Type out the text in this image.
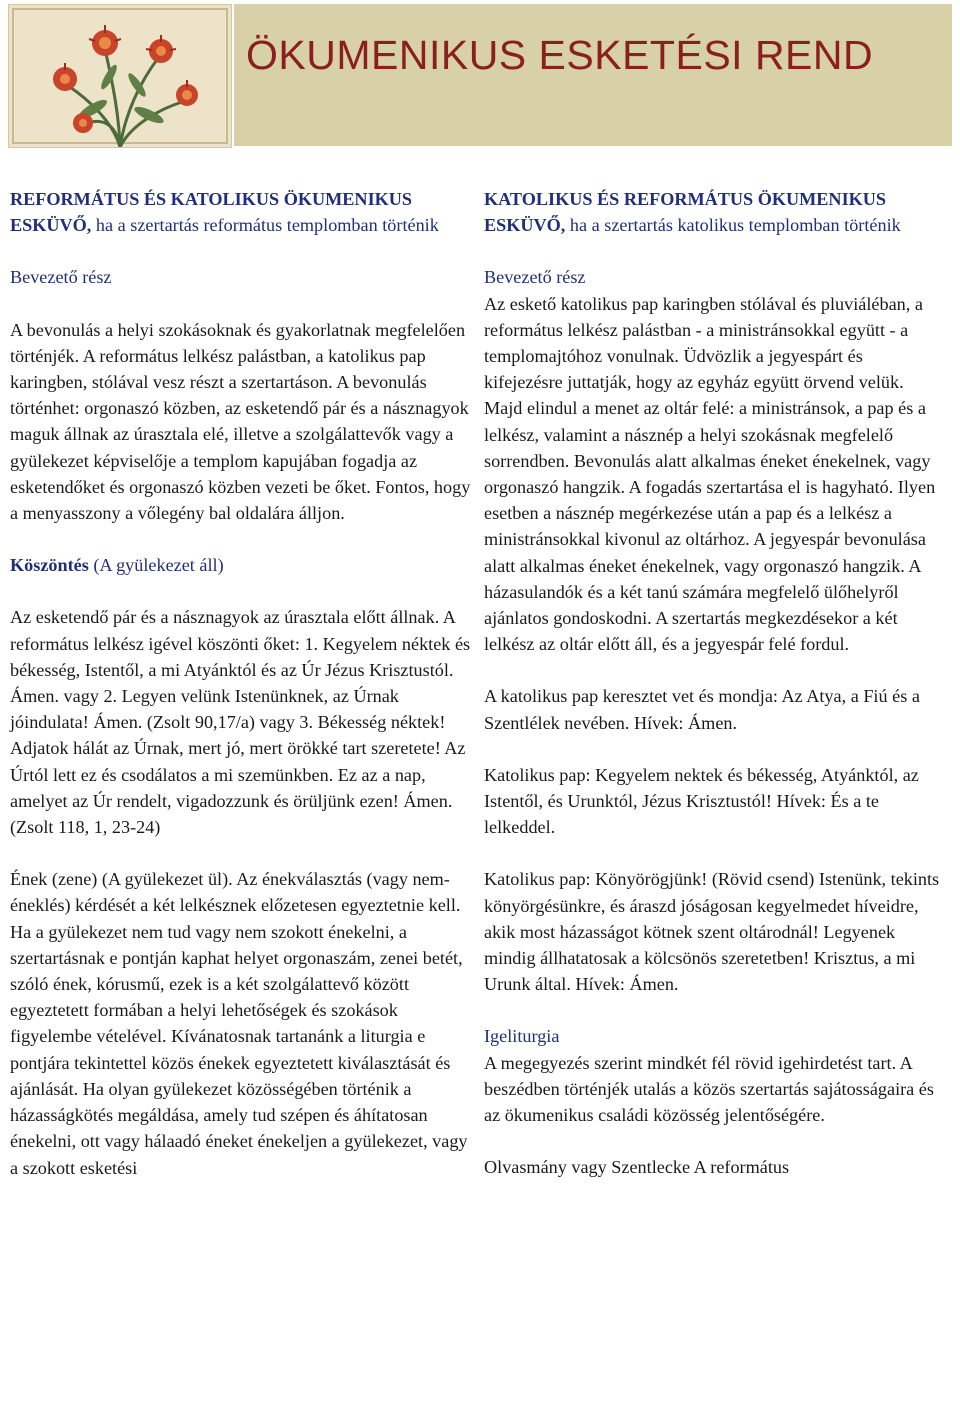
ÖKUMENIKUS ESKETÉSI REND
REFORMÁTUS ÉS KATOLIKUS ÖKUMENIKUS ESKÜVŐ, ha a szertartás református templomban történik
Bevezető rész

A bevonulás a helyi szokásoknak és gyakorlatnak megfelelően történjék. A református lelkész palástban, a katolikus pap karingben, stólával vesz részt a szertartáson. A bevonulás történhet: orgonaszó közben, az esketendő pár és a násznagyok maguk állnak az úrasztala elé, illetve a szolgálattevők vagy a gyülekezet képviselője a templom kapujában fogadja az esketendőket és orgonaszó közben vezeti be őket. Fontos, hogy a menyasszony a vőlegény bal oldalára álljon.

Köszöntés (A gyülekezet áll)

Az esketendő pár és a násznagyok az úrasztala előtt állnak. A református lelkész igével köszönti őket: 1. Kegyelem néktek és békesség, Istentől, a mi Atyánktól és az Úr Jézus Krisztustól. Ámen. vagy 2. Legyen velünk Istenünknek, az Úrnak jóindulata! Ámen. (Zsolt 90,17/a) vagy 3. Békesség néktek! Adjatok hálát az Úrnak, mert jó, mert örökké tart szeretete! Az Úrtól lett ez és csodálatos a mi szemünkben. Ez az a nap, amelyet az Úr rendelt, vigadozzunk és örüljünk ezen! Ámen. (Zsolt 118, 1, 23-24)

Ének (zene) (A gyülekezet ül). Az énekválasztás (vagy nem-éneklés) kérdését a két lelkésznek előzetesen egyeztetnie kell. Ha a gyülekezet nem tud vagy nem szokott énekelni, a szertartásnak e pontján kaphat helyet orgonaszám, zenei betét, szóló ének, kórusmű, ezek is a két szolgálattevő között egyeztetett formában a helyi lehetőségek és szokások figyelembe vételével. Kívánatosnak tartanánk a liturgia e pontjára tekintettel közös énekek egyeztetett kiválasztását és ajánlását. Ha olyan gyülekezet közösségében történik a házasságkötés megáldása, amely tud szépen és áhítatosan énekelni, ott vagy hálaadó éneket énekeljen a gyülekezet, vagy a szokott esketési

KATOLIKUS ÉS REFORMÁTUS ÖKUMENIKUS ESKÜVŐ, ha a szertartás katolikus templomban történik
Bevezető rész

Az eskető katolikus pap karingben stólával és pluviáléban, a református lelkész palástban - a ministránsokkal együtt - a templomajtóhoz vonulnak. Üdvözlik a jegyespárt és kifejezésre juttatják, hogy az egyház együtt örvend velük. Majd elindul a menet az oltár felé: a ministránsok, a pap és a lelkész, valamint a násznép a helyi szokásnak megfelelő sorrendben. Bevonulás alatt alkalmas éneket énekelnek, vagy orgonaszó hangzik. A fogadás szertartása el is hagyható. Ilyen esetben a násznép megérkezése után a pap és a lelkész a ministránsokkal kivonul az oltárhoz. A jegyespár bevonulása alatt alkalmas éneket énekelnek, vagy orgonaszó hangzik. A házasulandók és a két tanú számára megfelelő ülőhelyről ajánlatos gondoskodni. A szertartás megkezdésekor a két lelkész az oltár előtt áll, és a jegyespár felé fordul.

A katolikus pap keresztet vet és mondja: Az Atya, a Fiú és a Szentlélek nevében. Hívek: Ámen.

Katolikus pap: Kegyelem nektek és békesség, Atyánktól, az Istentől, és Urunktól, Jézus Krisztustól! Hívek: És a te lelkeddel.

Katolikus pap: Könyörögjünk! (Rövid csend) Istenünk, tekints könyörgésünkre, és áraszd jóságosan kegyelmedet híveidre, akik most házasságot kötnek szent oltárodnál! Legyenek mindig állhatatosak a kölcsönös szeretetben! Krisztus, a mi Urunk által. Hívek: Ámen.

Igeliturgia

A megegyezés szerint mindkét fél rövid igehirdetést tart. A beszédben történjék utalás a közös szertartás sajátosságaira és az ökumenikus családi közösség jelentőségére.

Olvasmány vagy Szentlecke A református
